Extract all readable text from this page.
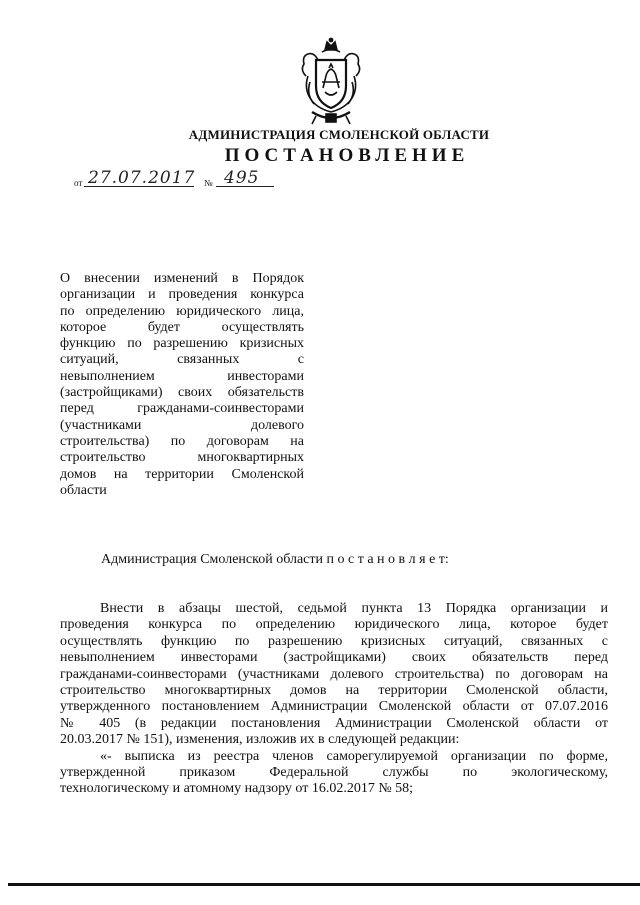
АДМИНИСТРАЦИЯ СМОЛЕНСКОЙ ОБЛАСТИ
ПОСТАНОВЛЕНИЕ
от 27.07.2017 № 495
О внесении изменений в Порядок
организации и проведения конкурса
по определению юридического лица,
которое будет осуществлять
функцию по разрешению кризисных
ситуаций, связанных с
невыполнением инвесторами
(застройщиками) своих обязательств
перед гражданами-соинвесторами
(участниками долевого
строительства) по договорам на
строительство многоквартирных
домов на территории Смоленской
области
Администрация Смоленской области п о с т а н о в л я е т:
Внести в абзацы шестой, седьмой пункта 13 Порядка организации и
проведения конкурса по определению юридического лица, которое будет
осуществлять функцию по разрешению кризисных ситуаций, связанных с
невыполнением инвесторами (застройщиками) своих обязательств перед
гражданами-соинвесторами (участниками долевого строительства) по договорам на
строительство многоквартирных домов на территории Смоленской области,
утвержденного постановлением Администрации Смоленской области от 07.07.2016
№ 405 (в редакции постановления Администрации Смоленской области от
20.03.2017 № 151), изменения, изложив их в следующей редакции:
«- выписка из реестра членов саморегулируемой организации по форме,
утвержденной приказом Федеральной службы по экологическому,
технологическому и атомному надзору от 16.02.2017 № 58;
